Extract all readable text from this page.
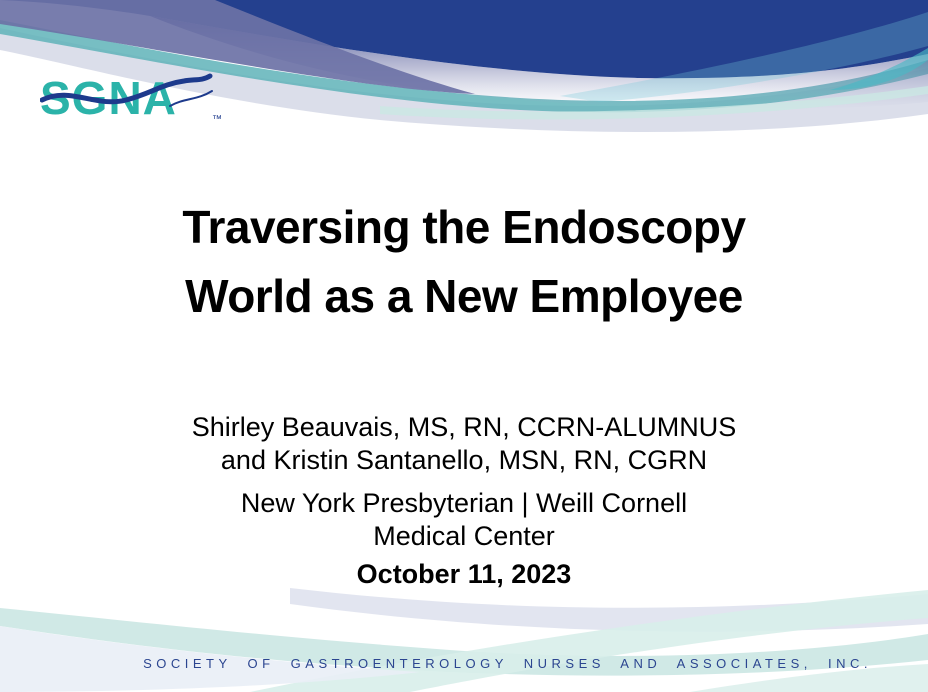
SGNA	™
Traversing the Endoscopy
World as a New Employee
Shirley Beauvais, MS, RN, CCRN-ALUMNUS
and Kristin Santanello, MSN, RN, CGRN
New York Presbyterian | Weill Cornell
Medical Center
October 11, 2023
SOCIETY OF GASTROENTEROLOGY NURSES AND ASSOCIATES, INC.
